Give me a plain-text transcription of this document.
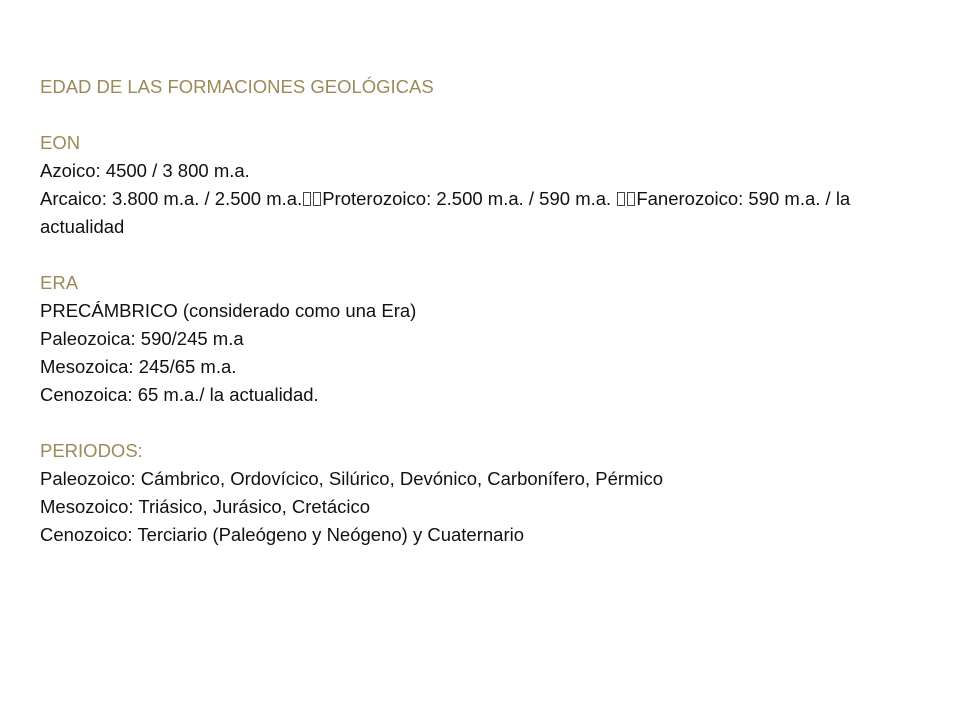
EDAD DE LAS FORMACIONES GEOLÓGICAS
EON
Azoico: 4500 / 3 800 m.a.
Arcaico: 3.800 m.a. / 2.500 m.a. Proterozoico: 2.500 m.a. / 590 m.a. Fanerozoico: 590 m.a. / la actualidad
ERA
PRECÁMBRICO (considerado como una Era)
Paleozoica: 590/245 m.a
Mesozoica: 245/65 m.a.
Cenozoica: 65 m.a./ la actualidad.
PERIODOS:
Paleozoico: Cámbrico, Ordovícico, Silúrico, Devónico, Carbonífero, Pérmico
Mesozoico: Triásico, Jurásico, Cretácico
Cenozoico: Terciario (Paleógeno y Neógeno) y Cuaternario
